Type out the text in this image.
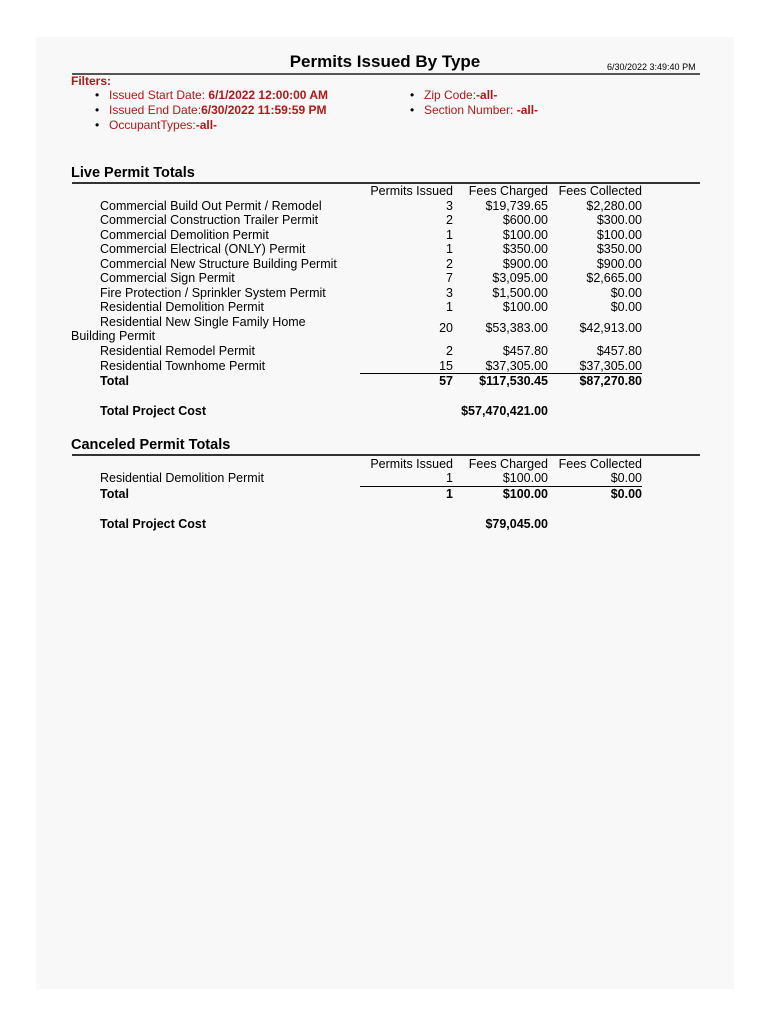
Permits Issued By Type	6/30/2022 3:49:40 PM
Filters:
• Issued Start Date: 6/1/2022 12:00:00 AM
• Issued End Date:6/30/2022 11:59:59 PM
• OccupantTypes:-all-
• Zip Code:-all-
• Section Number: -all-
Live Permit Totals
Permits Issued Fees Charged Fees Collected
Commercial Build Out Permit / Remodel	3	$19,739.65	$2,280.00
Commercial Construction Trailer Permit	2	$600.00	$300.00
Commercial Demolition Permit	1	$100.00	$100.00
Commercial Electrical (ONLY) Permit	1	$350.00	$350.00
Commercial New Structure Building Permit	2	$900.00	$900.00
Commercial Sign Permit	7	$3,095.00	$2,665.00
Fire Protection / Sprinkler System Permit	3	$1,500.00	$0.00
Residential Demolition Permit	1	$100.00	$0.00
Residential New Single Family Home
Building Permit
20	$53,383.00	$42,913.00
Residential Remodel Permit	2	$457.80	$457.80
Residential Townhome Permit	15	$37,305.00	$37,305.00
Total	57 $117,530.45	$87,270.80
Total Project Cost	$57,470,421.00
Canceled Permit Totals
Permits Issued Fees Charged Fees Collected
Residential Demolition Permit	1	$100.00	$0.00
Total	1	$100.00	$0.00
Total Project Cost	$79,045.00
